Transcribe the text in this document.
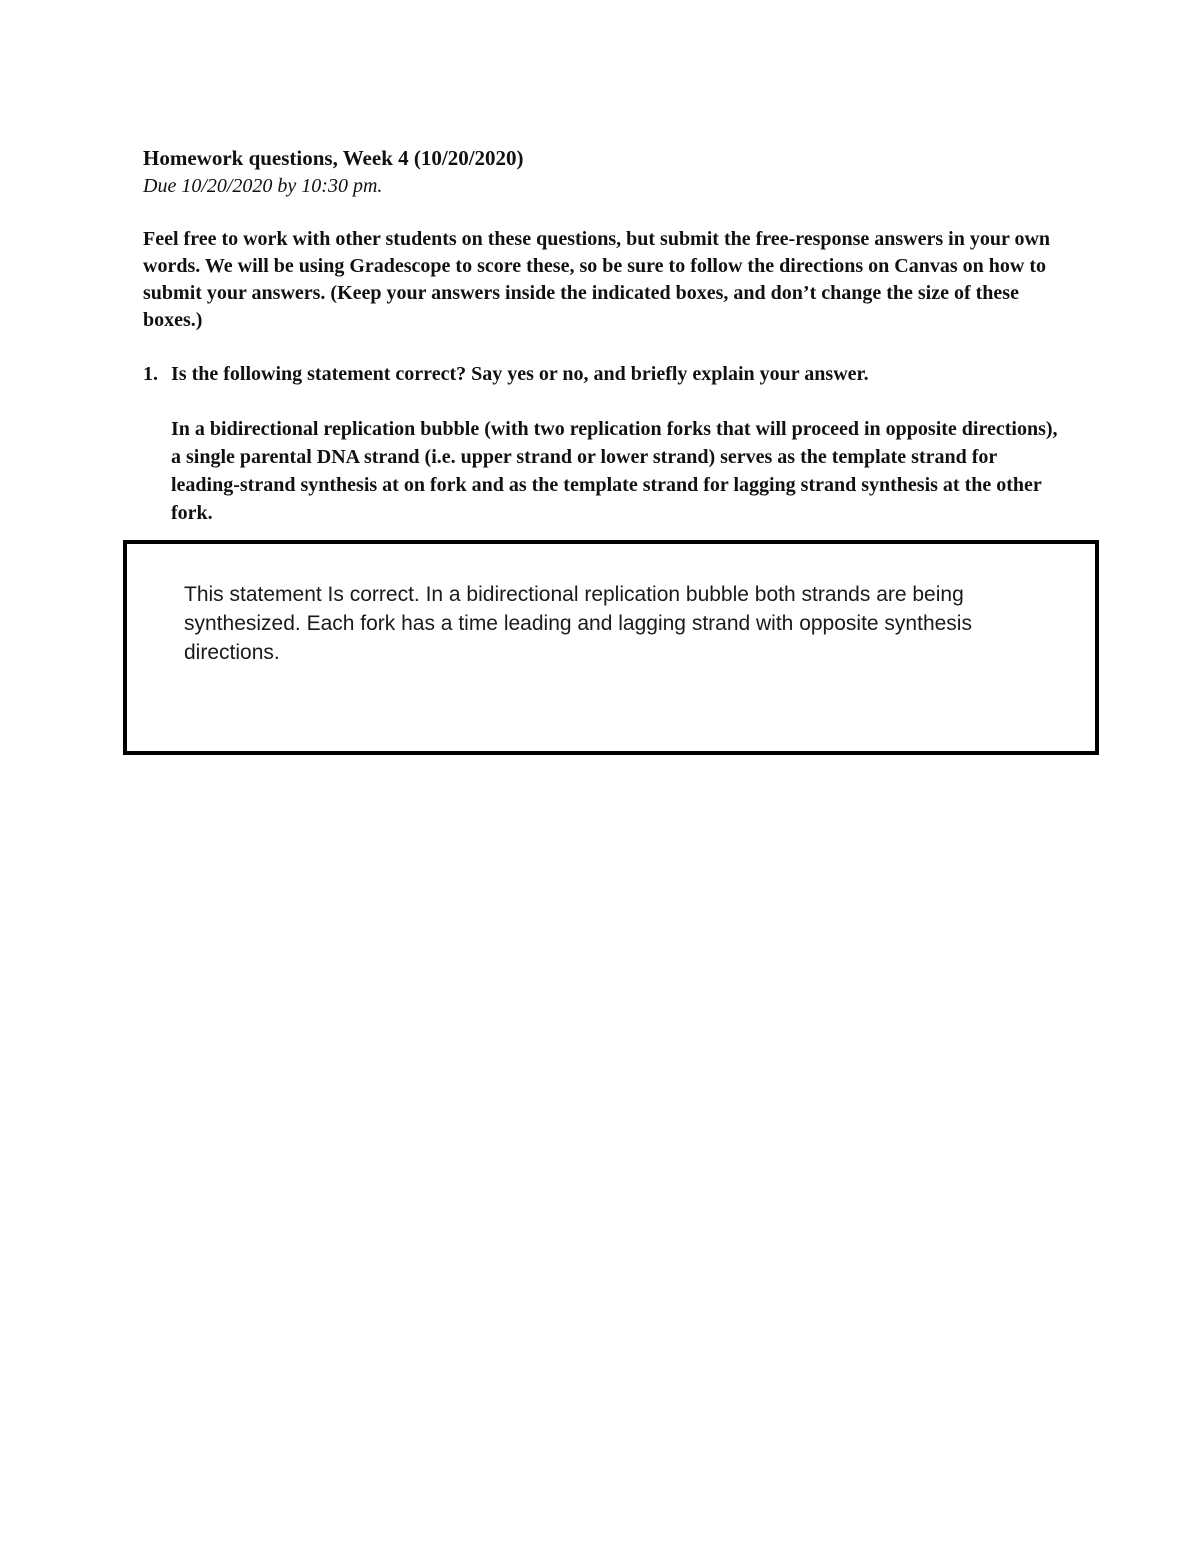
Homework questions, Week 4 (10/20/2020)

Due 10/20/2020 by 10:30 pm.

Feel free to work with other students on these questions, but submit the free-response answers in your own words. We will be using Gradescope to score these, so be sure to follow the directions on Canvas on how to submit your answers. (Keep your answers inside the indicated boxes, and don’t change the size of these boxes.)

1. Is the following statement correct? Say yes or no, and briefly explain your answer.

In a bidirectional replication bubble (with two replication forks that will proceed in opposite directions), a single parental DNA strand (i.e. upper strand or lower strand) serves as the template strand for leading-strand synthesis at on fork and as the template strand for lagging strand synthesis at the other fork.

This statement Is correct. In a bidirectional replication bubble both strands are being synthesized. Each fork has a time leading and lagging strand with opposite synthesis directions.
